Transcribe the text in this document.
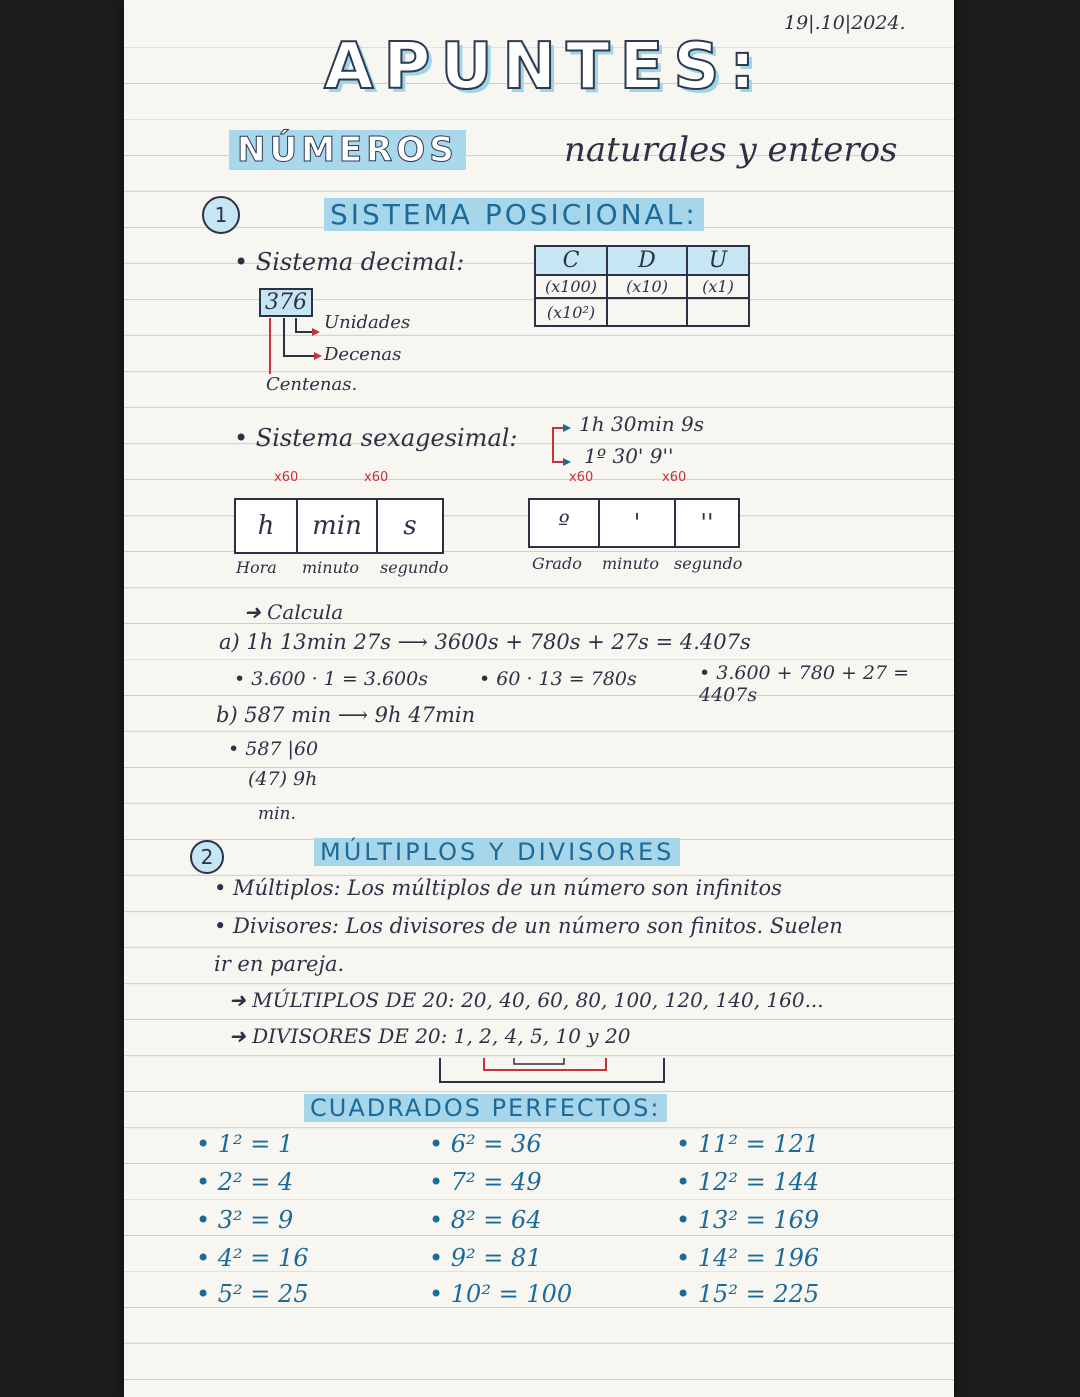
19|.10|2024.
APUNTES:
NÚMEROS	naturales y enteros
1	SISTEMA POSICIONAL:
• Sistema decimal:
376
Unidades
Decenas
Centenas.
C	D	U
(x100)	(x10)	(x1)
(x10²)		
• Sistema sexagesimal:	1h 30min 9s
1º 30' 9''
x60	x60	x60	x60
h	min	s
Hora minuto segundo
º	'	''
Grado minuto segundo
➜ Calcula
a) 1h 13min 27s ⟶ 3600s + 780s + 27s = 4.407s
• 3.600 · 1 = 3.600s	• 60 · 13 = 780s	• 3.600 + 780 + 27 = 4407s
b) 587 min ⟶ 9h 47min
• 587 |60
(47) 9h
min.
2	MÚLTIPLOS Y DIVISORES
• Múltiplos: Los múltiplos de un número son infinitos
• Divisores: Los divisores de un número son finitos. Suelen
ir en pareja.
➜ MÚLTIPLOS DE 20: 20, 40, 60, 80, 100, 120, 140, 160...
➜ DIVISORES DE 20: 1, 2, 4, 5, 10 y 20
CUADRADOS PERFECTOS:
• 1² = 1
• 2² = 4
• 3² = 9
• 4² = 16
• 5² = 25
• 6² = 36
• 7² = 49
• 8² = 64
• 9² = 81
• 10² = 100
• 11² = 121
• 12² = 144
• 13² = 169
• 14² = 196
• 15² = 225
